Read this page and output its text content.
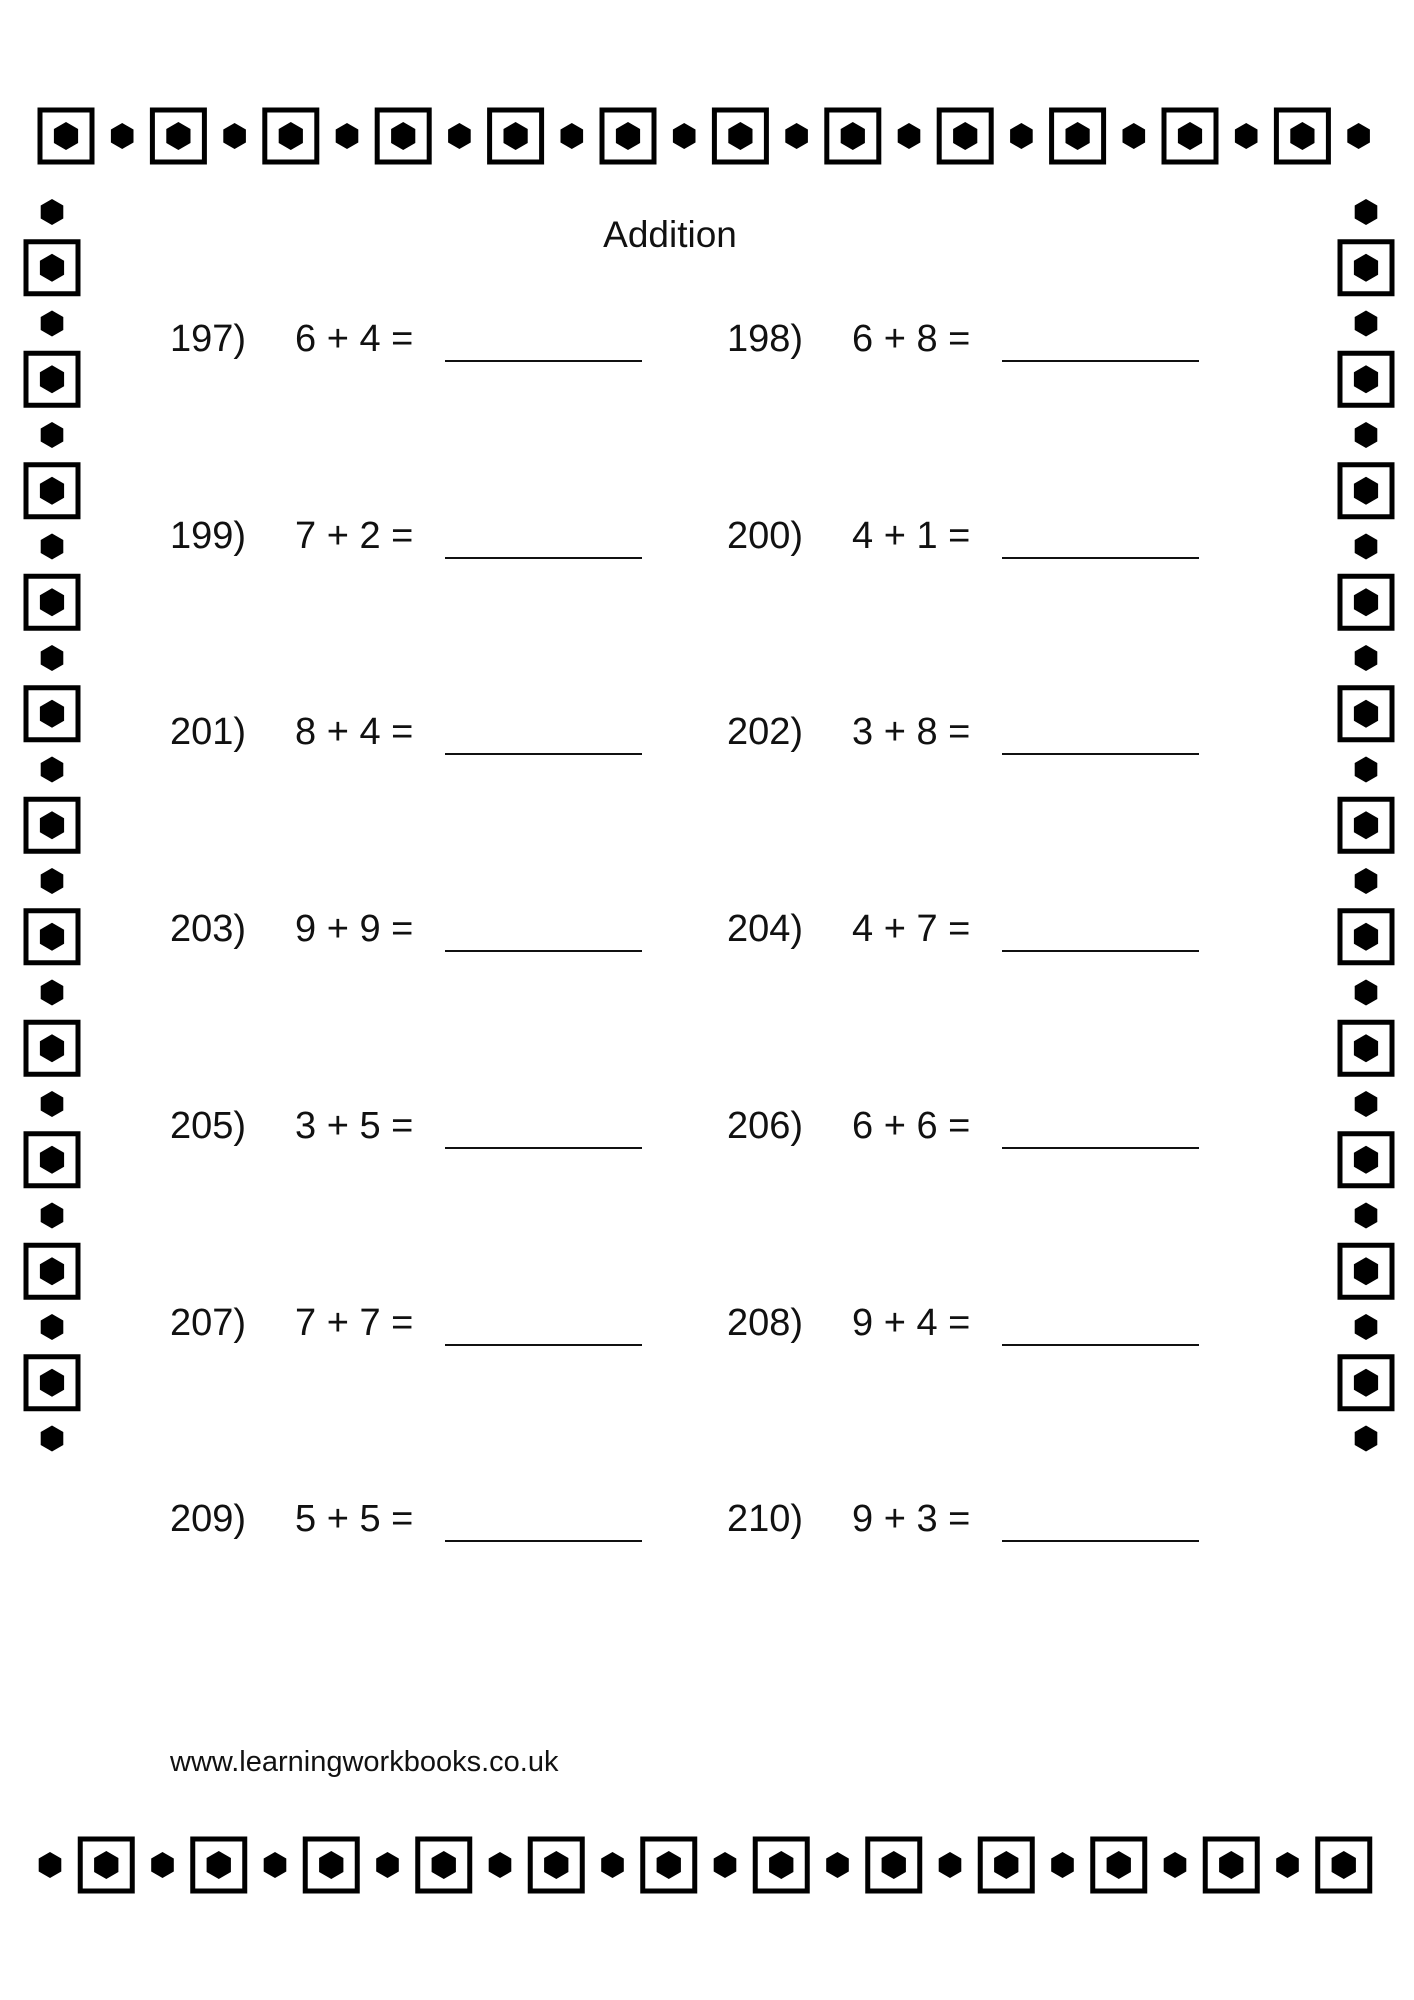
Addition
197) 6 + 4 =	198) 6 + 8 =
199) 7 + 2 =	200) 4 + 1 =
201) 8 + 4 =	202) 3 + 8 =
203) 9 + 9 =	204) 4 + 7 =
205) 3 + 5 =	206) 6 + 6 =
207) 7 + 7 =	208) 9 + 4 =
209) 5 + 5 =	210) 9 + 3 =
www.learningworkbooks.co.uk
